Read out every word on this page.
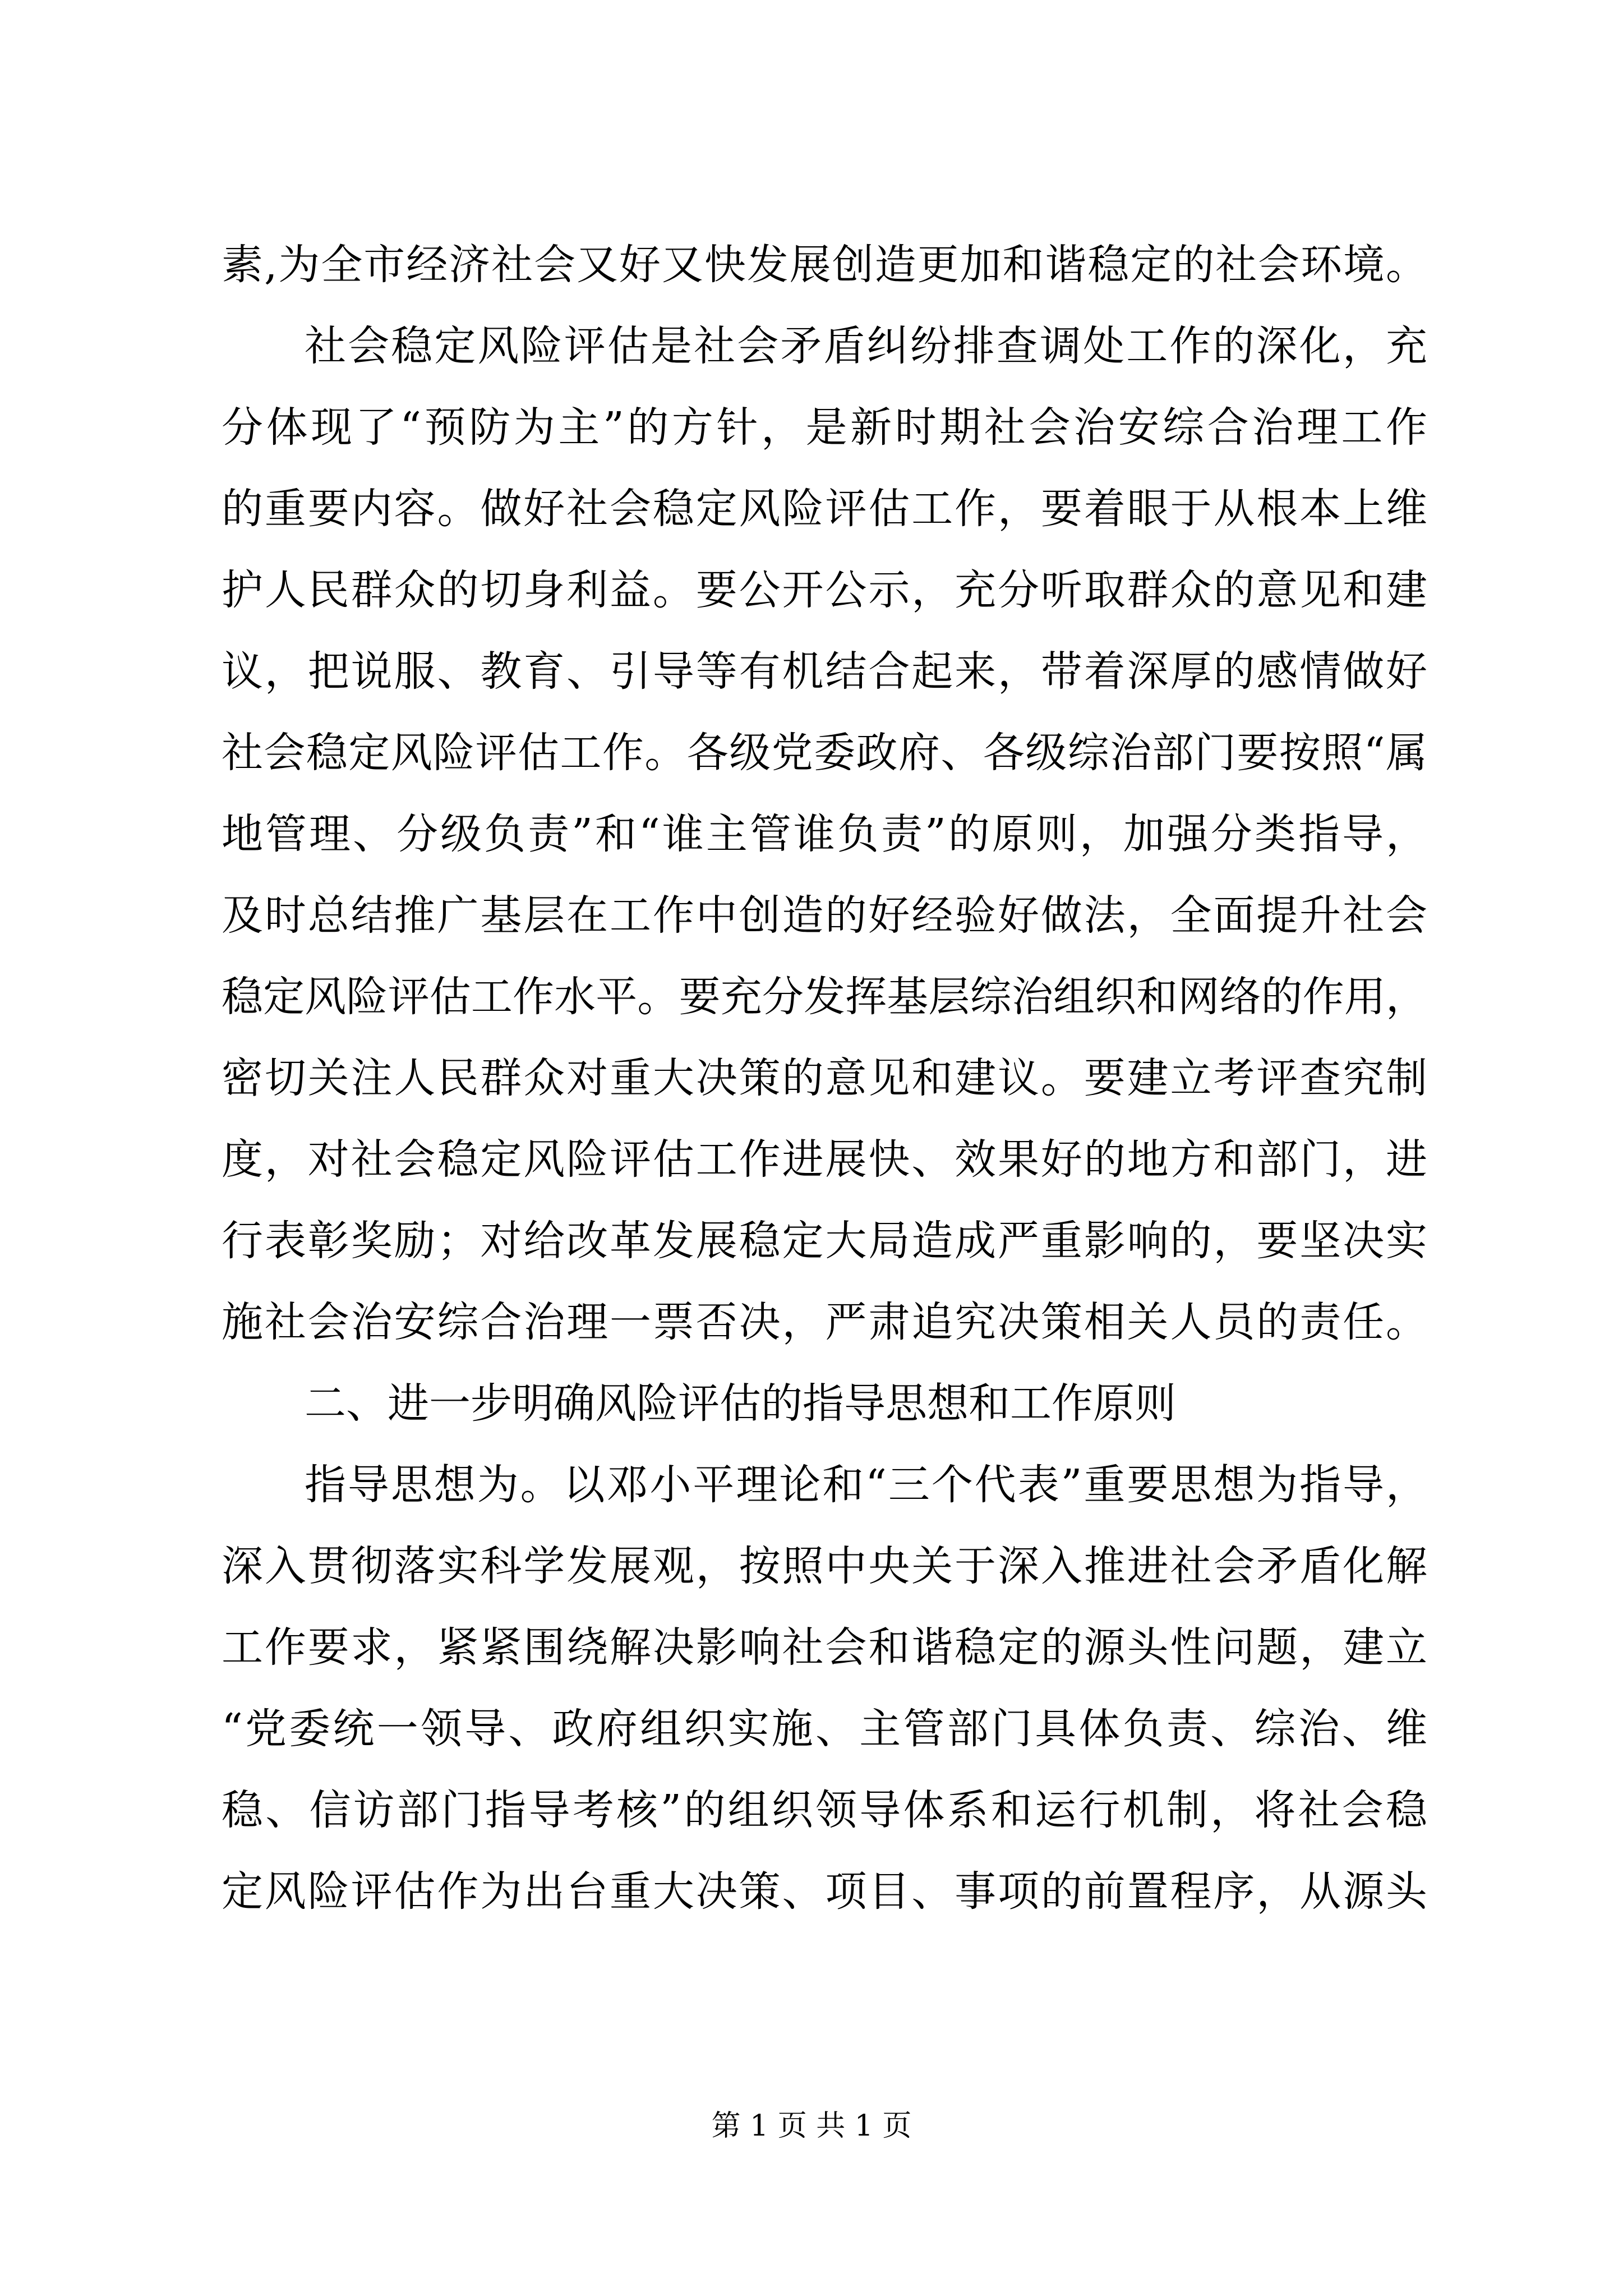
素,为全市经济社会又好又快发展创造更加和谐稳定的社会环境。
社会稳定风险评估是社会矛盾纠纷排查调处工作的深化，充
分体现了“预防为主”的方针，是新时期社会治安综合治理工作
的重要内容。做好社会稳定风险评估工作，要着眼于从根本上维
护人民群众的切身利益。要公开公示，充分听取群众的意见和建
议，把说服、教育、引导等有机结合起来，带着深厚的感情做好
社会稳定风险评估工作。各级党委政府、各级综治部门要按照“属
地管理、分级负责”和“谁主管谁负责”的原则，加强分类指导，
及时总结推广基层在工作中创造的好经验好做法，全面提升社会
稳定风险评估工作水平。要充分发挥基层综治组织和网络的作用，
密切关注人民群众对重大决策的意见和建议。要建立考评查究制
度，对社会稳定风险评估工作进展快、效果好的地方和部门，进
行表彰奖励；对给改革发展稳定大局造成严重影响的，要坚决实
施社会治安综合治理一票否决，严肃追究决策相关人员的责任。
二、进一步明确风险评估的指导思想和工作原则
指导思想为。以邓小平理论和“三个代表”重要思想为指导，
深入贯彻落实科学发展观，按照中央关于深入推进社会矛盾化解
工作要求，紧紧围绕解决影响社会和谐稳定的源头性问题，建立
“党委统一领导、政府组织实施、主管部门具体负责、综治、维
稳、信访部门指导考核”的组织领导体系和运行机制，将社会稳
定风险评估作为出台重大决策、项目、事项的前置程序，从源头
第 1 页 共 1 页
